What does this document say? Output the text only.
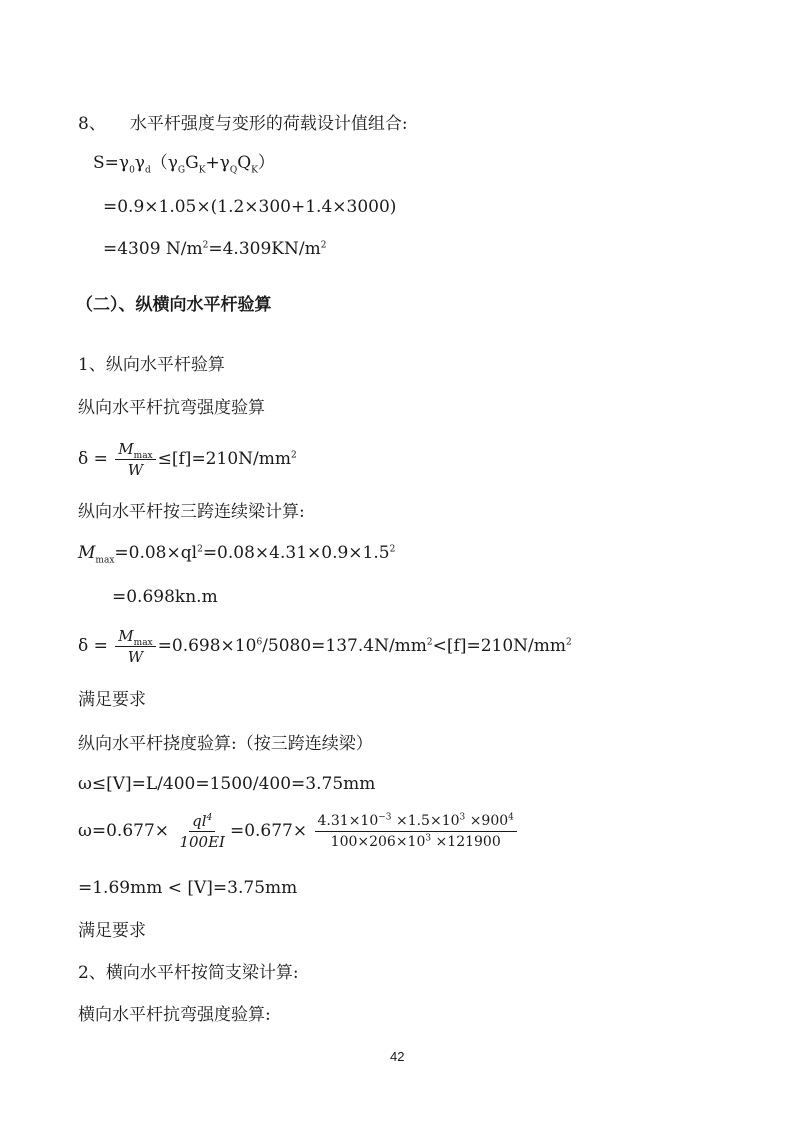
8、 水平杆强度与变形的荷载设计值组合:
$S=\gamma_0\gamma_d(\gamma_GG_K+\gamma_QQ_K)$
=0.9×1.05×(1.2×300+1.4×3000)
=4309 $N/m^2=4.309KN/m^2$
（二）、纵横向水平杆验算
1、纵向水平杆验算
纵向水平杆抗弯强度验算
$\delta = \frac{M_{max}}{W} \le[f]=210N/mm^2$
纵向水平杆按三跨连续梁计算:
$M_{max}=0.08\times ql^2=0.08\times 4.31\times 0.9\times 1.5^2$
=0.698kn.m
$\delta = \frac{M_{max}}{W} =0.698\times 10^6/5080=137.4N/mm^2<[f]=210N/mm^2$
满足要求
纵向水平杆挠度验算:（按三跨连续梁）
ω≤[V]=L/400=1500/400=3.75mm
$\omega=0.677\times \frac{ql^4}{100EI} =0.677\times \frac{4.31\times 10^{-3} \times 1.5\times 10^3 \times 900^4}{100\times 206\times 10^3 \times 121900}$
=1.69mm < [V]=3.75mm
满足要求
2、横向水平杆按简支梁计算:
横向水平杆抗弯强度验算:
42
